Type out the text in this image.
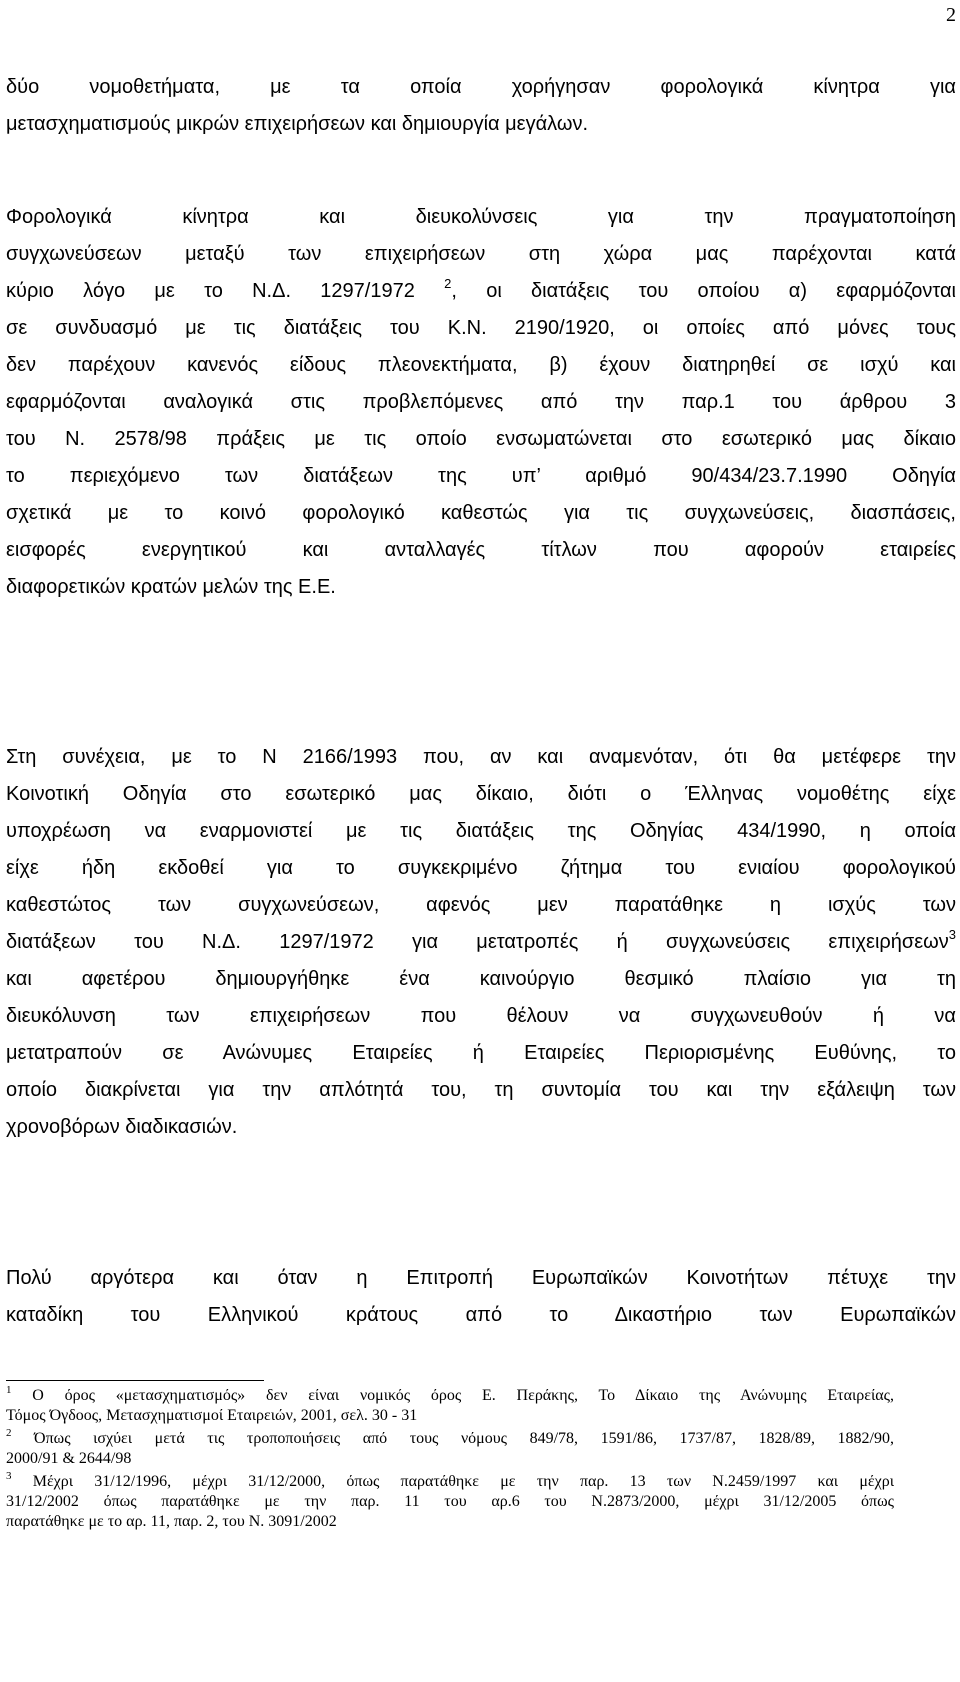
2

δύο νομοθετήματα, με τα οποία χορήγησαν φορολογικά κίνητρα για
μετασχηματισμούς μικρών επιχειρήσεων και δημιουργία μεγάλων.

Φορολογικά κίνητρα και διευκολύνσεις για την πραγματοποίηση
συγχωνεύσεων μεταξύ των επιχειρήσεων στη χώρα μας παρέχονται κατά
κύριο λόγο με το Ν.Δ. 1297/1972 $^2$, οι διατάξεις του οποίου α) εφαρμόζονται
σε συνδυασμό με τις διατάξεις του Κ.Ν. 2190/1920, οι οποίες από μόνες τους
δεν παρέχουν κανενός είδους πλεονεκτήματα, β) έχουν διατηρηθεί σε ισχύ και
εφαρμόζονται αναλογικά στις προβλεπόμενες από την παρ.1 του άρθρου 3
του Ν. 2578/98 πράξεις με τις οποίο ενσωματώνεται στο εσωτερικό μας δίκαιο
το περιεχόμενο των διατάξεων της υπ’ αριθμό 90/434/23.7.1990 Οδηγία
σχετικά με το κοινό φορολογικό καθεστώς για τις συγχωνεύσεις, διασπάσεις,
εισφορές ενεργητικού και ανταλλαγές τίτλων που αφορούν εταιρείες
διαφορετικών κρατών μελών της Ε.Ε.

Στη συνέχεια, με το Ν 2166/1993 που, αν και αναμενόταν, ότι θα μετέφερε την
Κοινοτική Οδηγία στο εσωτερικό μας δίκαιο, διότι ο Έλληνας νομοθέτης είχε
υποχρέωση να εναρμονιστεί με τις διατάξεις της Οδηγίας 434/1990, η οποία
είχε ήδη εκδοθεί για το συγκεκριμένο ζήτημα του ενιαίου φορολογικού
καθεστώτος των συγχωνεύσεων, αφενός μεν παρατάθηκε η ισχύς των
διατάξεων του Ν.Δ. 1297/1972 για μετατροπές ή συγχωνεύσεις επιχειρήσεων$^3$
και αφετέρου δημιουργήθηκε ένα καινούργιο θεσμικό πλαίσιο για τη
διευκόλυνση των επιχειρήσεων που θέλουν να συγχωνευθούν ή να
μετατραπούν σε Ανώνυμες Εταιρείες ή Εταιρείες Περιορισμένης Ευθύνης, το
οποίο διακρίνεται για την απλότητά του, τη συντομία του και την εξάλειψη των
χρονοβόρων διαδικασιών.

Πολύ αργότερα και όταν η Επιτροπή Ευρωπαϊκών Κοινοτήτων πέτυχε την
καταδίκη του Ελληνικού κράτους από το Δικαστήριο των Ευρωπαϊκών

$^1$ Ο όρος «μετασχηματισμός» δεν είναι νομικός όρος Ε. Περάκης, Το Δίκαιο της Ανώνυμης Εταιρείας,
Τόμος Όγδοος, Μετασχηματισμοί Εταιρειών, 2001, σελ. 30 - 31
$^2$ Όπως ισχύει μετά τις τροποποιήσεις από τους νόμους 849/78, 1591/86, 1737/87, 1828/89, 1882/90,
2000/91 & 2644/98
$^3$ Μέχρι 31/12/1996, μέχρι 31/12/2000, όπως παρατάθηκε με την παρ. 13 των Ν.2459/1997 και μέχρι
31/12/2002 όπως παρατάθηκε με την παρ. 11 του αρ.6 του Ν.2873/2000, μέχρι 31/12/2005 όπως
παρατάθηκε με το αρ. 11, παρ. 2, του Ν. 3091/2002
